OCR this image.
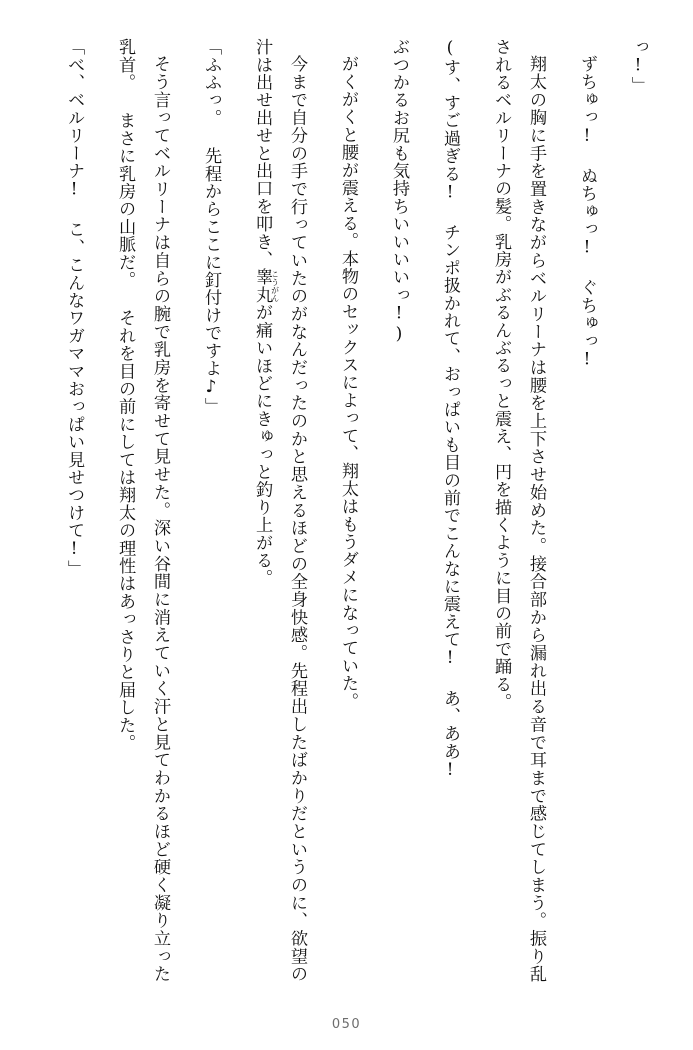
っ!」

ずちゅっ! ぬちゅっ! ぐちゅっ!

翔太の胸に手を置きながらベルリーナは腰を上下させ始めた。接合部から漏れ出る音で耳まで感じてしまう。振り乱されるベルリーナの髪。乳房がぶるんぶるっと震え、円を描くように目の前で踊る。

(す、すご過ぎる! チンポ扱かれて、おっぱいも目の前でこんなに震えて! あ、ああ!

ぶつかるお尻も気持ちいいいいっ!)

がくがくと腰が震える。本物のセックスによって、翔太はもうダメになっていた。

今まで自分の手で行っていたのがなんだったのかと思えるほどの全身快感。先程出したばかりだというのに、欲望の汁は出せ出せと出口を叩き、睾丸こうがんが痛いほどにきゅっと釣り上がる。

「ふふっ。 先程からここに釘付けですよ♪」

そう言ってベルリーナは自らの腕で乳房を寄せて見せた。深い谷間に消えていく汗と見てわかるほど硬く凝り立った乳首。 まさに乳房の山脈だ。 それを目の前にしては翔太の理性はあっさりと届した。

「べ、ベルリーナ! こ、こんなワガママおっぱい見せつけて!」

050
